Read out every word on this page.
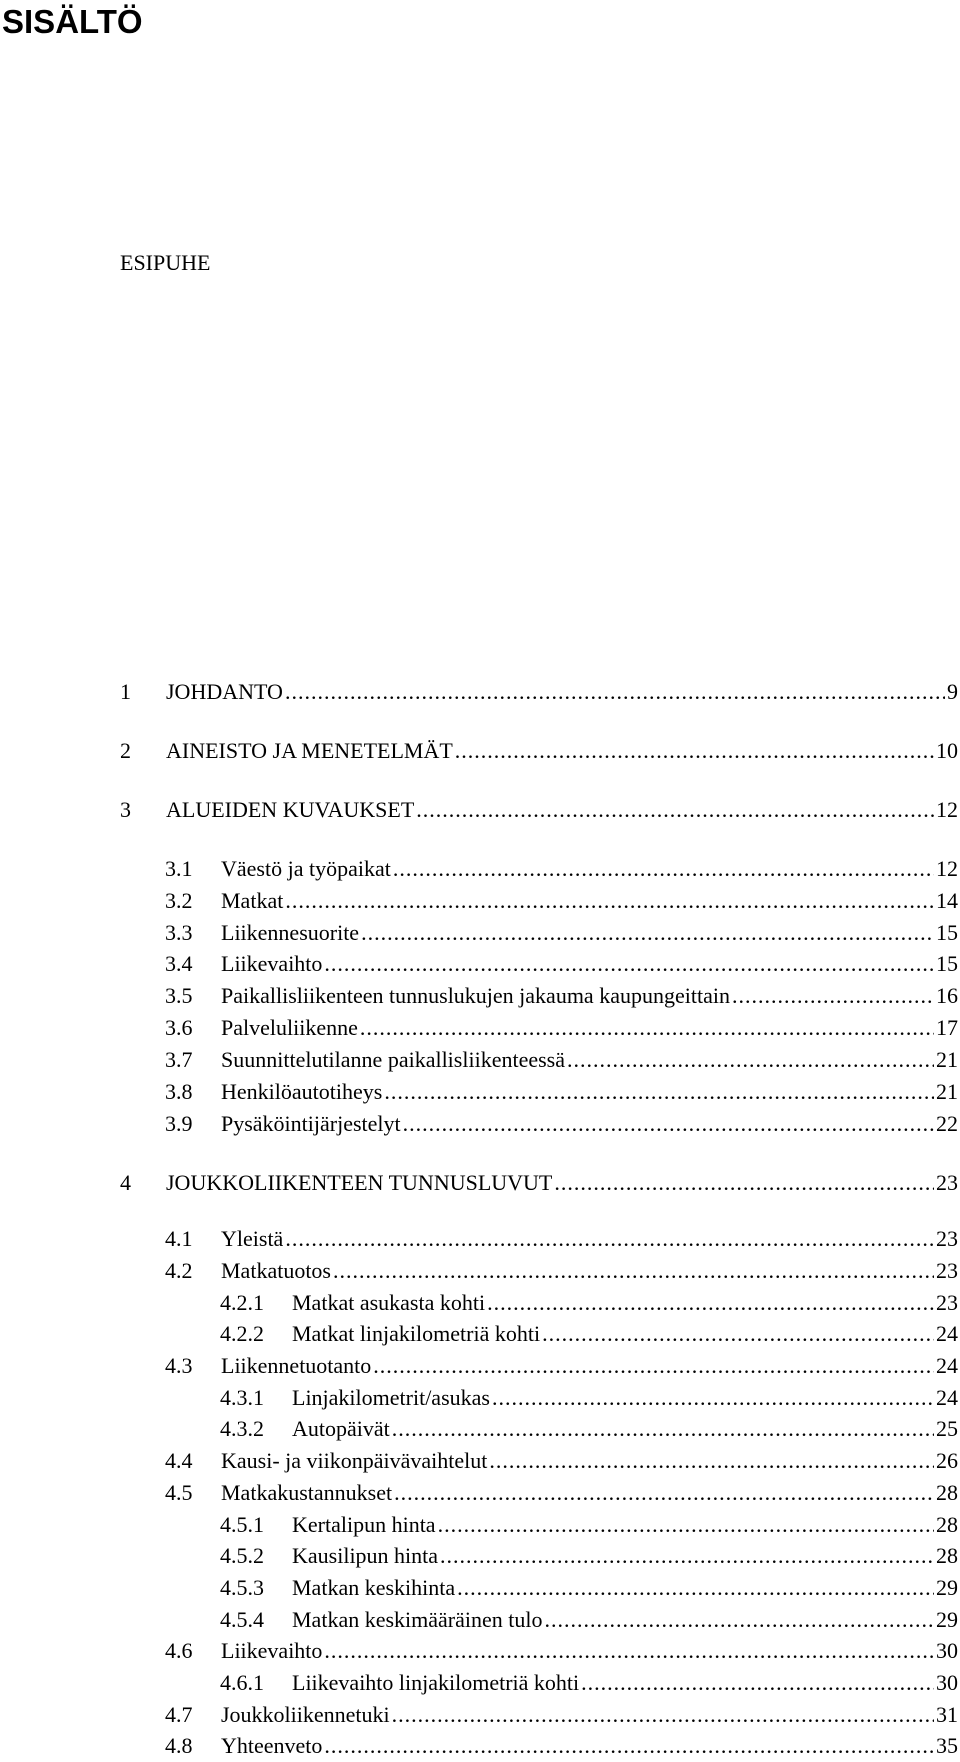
SISÄLTÖ
ESIPUHE
1	JOHDANTO .....	9
2	AINEISTO JA MENETELMÄT .....	10
3	ALUEIDEN KUVAUKSET .....	12
3.1	Väestö ja työpaikat .....	12
3.2	Matkat .....	14
3.3	Liikennesuorite .....	15
3.4	Liikevaihto .....	15
3.5	Paikallisliikenteen tunnuslukujen jakauma kaupungeittain .....	16
3.6	Palveluliikenne .....	17
3.7	Suunnittelutilanne paikallisliikenteessä .....	21
3.8	Henkilöautotiheys .....	21
3.9	Pysäköintijärjestelyt .....	22
4	JOUKKOLIIKENTEEN TUNNUSLUVUT .....	23
4.1	Yleistä .....	23
4.2	Matkatuotos .....	23
4.2.1	Matkat asukasta kohti .....	23
4.2.2	Matkat linjakilometriä kohti .....	24
4.3	Liikennetuotanto .....	24
4.3.1	Linjakilometrit/asukas .....	24
4.3.2	Autopäivät .....	25
4.4	Kausi- ja viikonpäivävaihtelut .....	26
4.5	Matkakustannukset .....	28
4.5.1	Kertalipun hinta .....	28
4.5.2	Kausilipun hinta .....	28
4.5.3	Matkan keskihinta .....	29
4.5.4	Matkan keskimääräinen tulo .....	29
4.6	Liikevaihto .....	30
4.6.1	Liikevaihto linjakilometriä kohti .....	30
4.7	Joukkoliikennetuki .....	31
4.8	Yhteenveto .....	35
